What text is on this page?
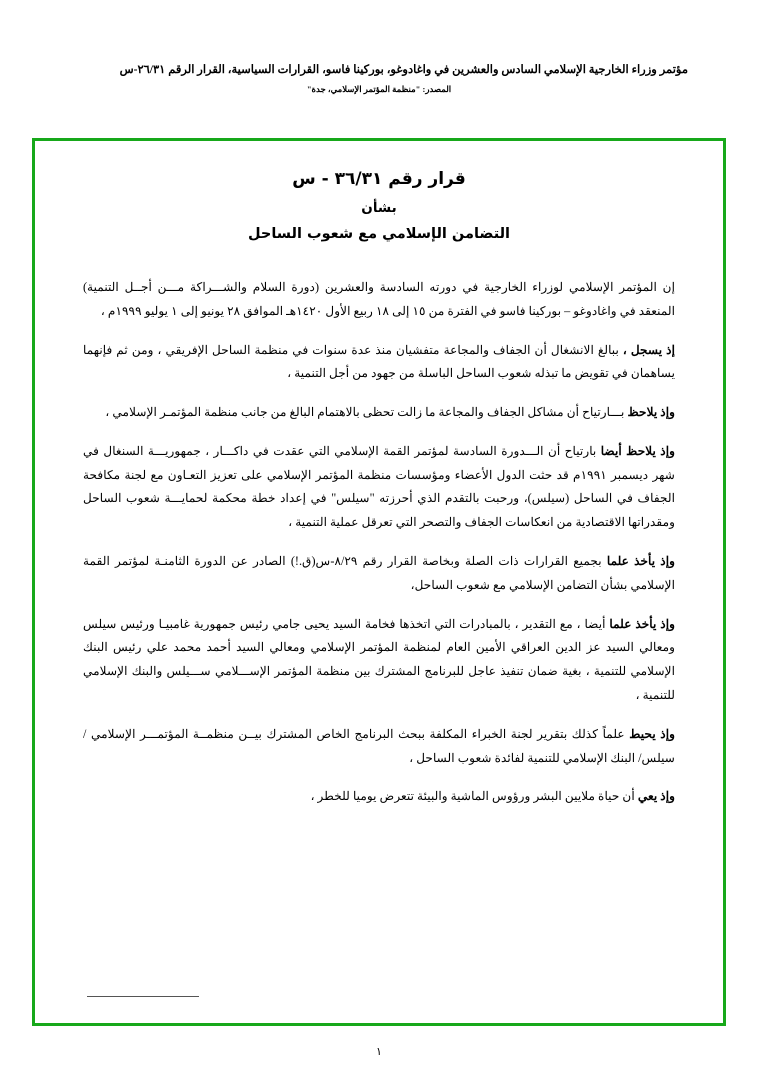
مؤتمر وزراء الخارجية الإسلامي السادس والعشرين في واغادوغو، بوركينا فاسو، القرارات السياسية، القرار الرقم ٢٦/٣١-س
المصدر: "منظمة المؤتمر الإسلامي، جدة"
قرار رقم ٣٦/٣١ - س
بشأن
التضامن الإسلامي مع شعوب الساحل

إن المؤتمر الإسلامي لوزراء الخارجية في دورته السادسة والعشرين (دورة السلام والشـــراكة مـــن أجــل التنمية) المنعقد في واغادوغو – بوركينا فاسو في الفترة من ١٥ إلى ١٨ ربيع الأول ١٤٢٠هـ الموافق ٢٨ يونيو إلى ١ يوليو ١٩٩٩م ،

إذ يسجل ، ببالغ الانشغال أن الجفاف والمجاعة متفشيان منذ عدة سنوات في منظمة الساحل الإفريقي ، ومن ثم فإنهما يساهمان في تقويض ما تبذله شعوب الساحل الباسلة من جهود من أجل التنمية ،

وإذ يلاحظ بـــارتياح أن مشاكل الجفاف والمجاعة ما زالت تحظى بالاهتمام البالغ من جانب منظمة المؤتمـر الإسلامي ،

وإذ يلاحظ أيضا بارتياح أن الـــدورة السادسة لمؤتمر القمة الإسلامي التي عقدت في داكـــار ، جمهوريـــة السنغال في شهر ديسمبر ١٩٩١م قد حثت الدول الأعضاء ومؤسسات منظمة المؤتمر الإسلامي على تعزيز التعـاون مع لجنة مكافحة الجفاف في الساحل (سيلس)، ورحبت بالتقدم الذي أحرزته "سيلس" في إعداد خطة محكمة لحمايـــة شعوب الساحل ومقدراتها الاقتصادية من انعكاسات الجفاف والتصحر التي تعرقل عملية التنمية ،

وإذ يأخذ علما بجميع القرارات ذات الصلة وبخاصة القرار رقم ٨/٢٩-س(ق.!) الصادر عن الدورة الثامنـة لمؤتمر القمة الإسلامي بشأن التضامن الإسلامي مع شعوب الساحل،

وإذ يأخذ علما أيضا ، مع التقدير ، بالمبادرات التي اتخذها فخامة السيد يحيى جامي رئيس جمهورية غامبيـا ورئيس سيلس ومعالي السيد عز الدين العراقي الأمين العام لمنظمة المؤتمر الإسلامي ومعالي السيد أحمد محمد علي رئيس البنك الإسلامي للتنمية ، بغية ضمان تنفيذ عاجل للبرنامج المشترك بين منظمة المؤتمر الإســـلامي ســـيلس والبنك الإسلامي للتنمية ،

وإذ يحيط علماً كذلك بتقرير لجنة الخبراء المكلفة ببحث البرنامج الخاص المشترك بيــن منظمــة المؤتمـــر الإسلامي /سيلس/ البنك الإسلامي للتنمية لفائدة شعوب الساحل ،

وإذ يعي أن حياة ملايين البشر ورؤوس الماشية والبيئة تتعرض يوميا للخطر ،

١
